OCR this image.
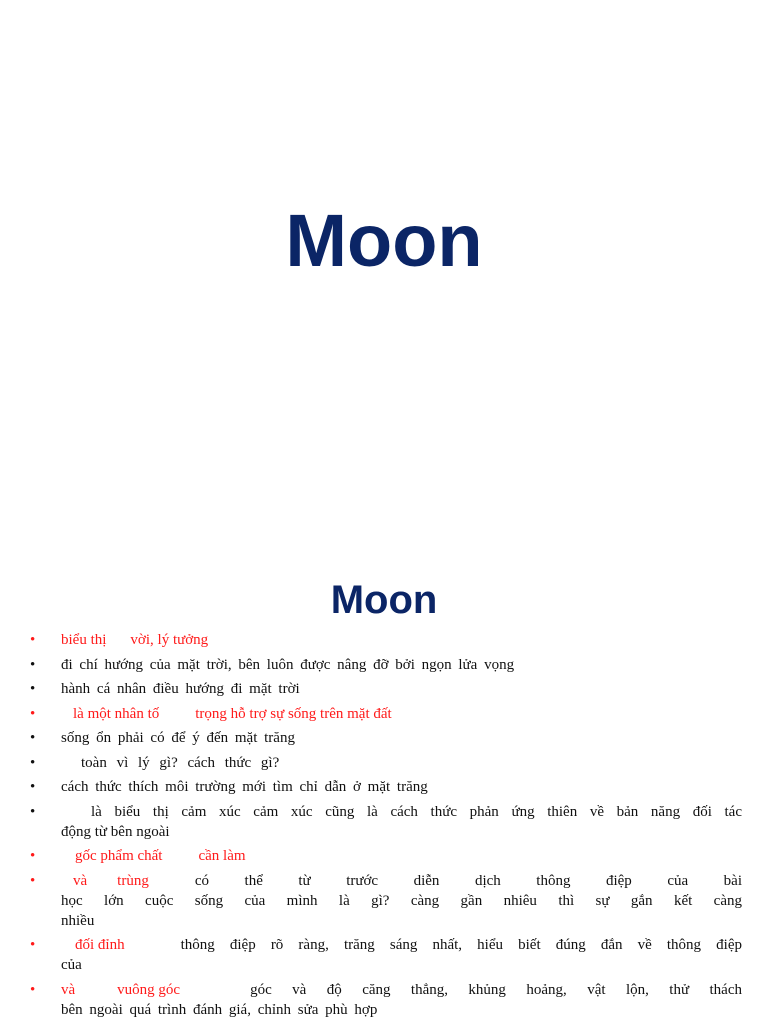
Moon
Moon
• biểu thị vời, lý tưởng
• đi chí hướng của mặt trời, bên luôn được nâng đỡ bởi ngọn lửa vọng
• hành cá nhân điều hướng đi mặt trời
•	là một nhân tố trọng hỗ trợ sự sống trên mặt đất
• sống ổn phải có để ý đến mặt trăng
•	toàn vì lý gì? cách thức gì?
• cách thức thích môi trường mới tìm chỉ dẫn ở mặt trăng
•	là biểu thị cảm xúc cảm xúc cũng là cách thức phản ứng thiên về bản năng đối tác
động từ bên ngoài
•	gốc phẩm chất cần làm
•	và trùng	có thể từ trước diễn dịch thông điệp của bài
học lớn cuộc sống của mình là gì? càng gần nhiêu thì sự gắn kết càng
nhiều
•	đối đỉnh	thông điệp rõ ràng, trăng sáng nhất, hiểu biết đúng đắn về thông điệp
của
• và	vuông góc	góc và độ căng thẳng, khủng hoảng, vật lộn, thử thách
bên ngoài quá trình đánh giá, chỉnh sửa phù hợp
